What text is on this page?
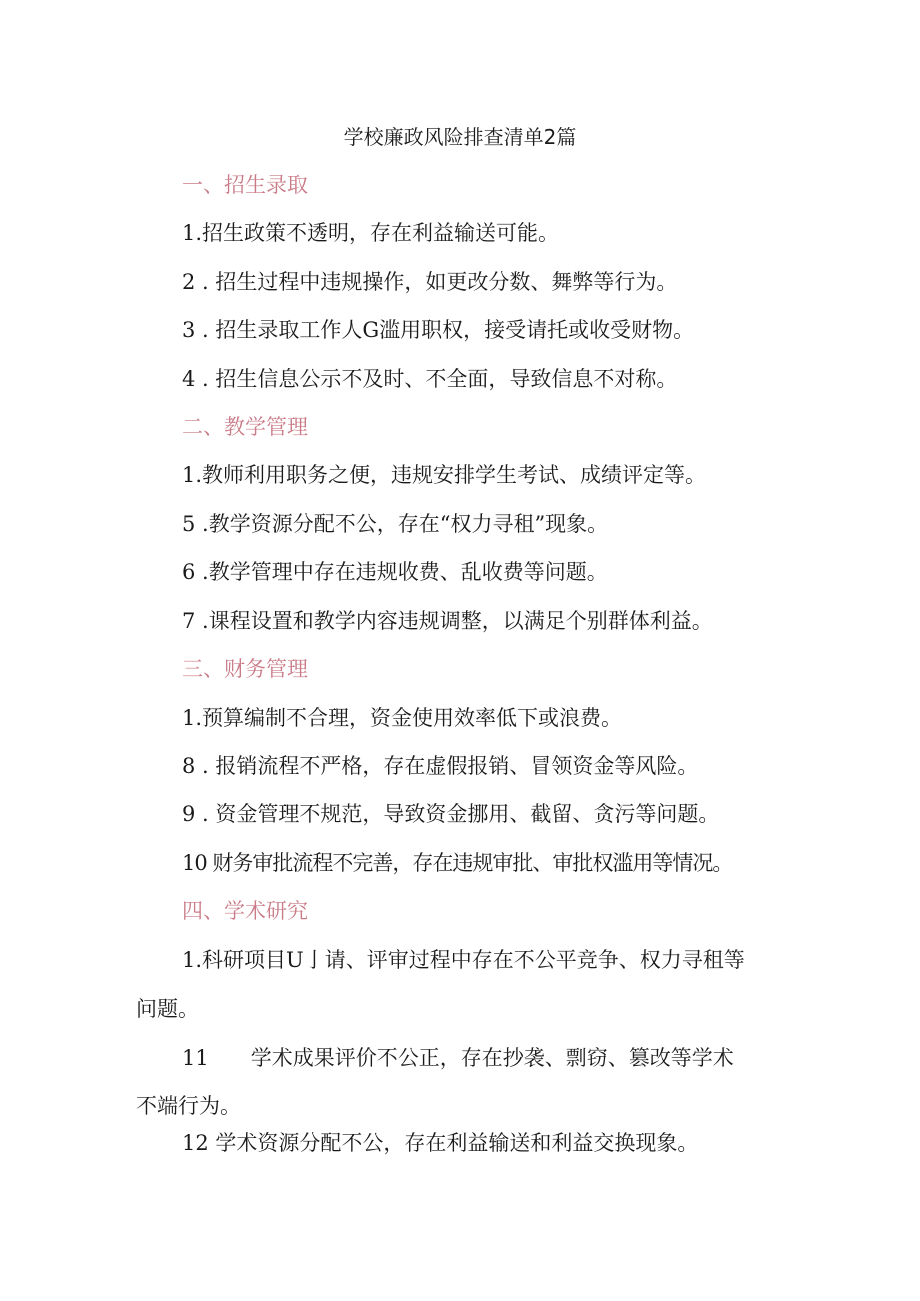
学校廉政风险排查清单2篇
一、招生录取
1.招生政策不透明，存在利益输送可能。
2 . 招生过程中违规操作，如更改分数、舞弊等行为。
3 . 招生录取工作人G滥用职权，接受请托或收受财物。
4 . 招生信息公示不及时、不全面，导致信息不对称。
二、教学管理
1.教师利用职务之便，违规安排学生考试、成绩评定等。
5 .教学资源分配不公，存在“权力寻租”现象。
6 .教学管理中存在违规收费、乱收费等问题。
7 .课程设置和教学内容违规调整，以满足个别群体利益。
三、财务管理
1.预算编制不合理，资金使用效率低下或浪费。
8 . 报销流程不严格，存在虚假报销、冒领资金等风险。
9 . 资金管理不规范，导致资金挪用、截留、贪污等问题。
10 财务审批流程不完善，存在违规审批、审批权滥用等情况。
四、学术研究
1.科研项目U亅请、评审过程中存在不公平竞争、权力寻租等
问题。
11　　学术成果评价不公正，存在抄袭、剽窃、篡改等学术
不端行为。
12 学术资源分配不公，存在利益输送和利益交换现象。
